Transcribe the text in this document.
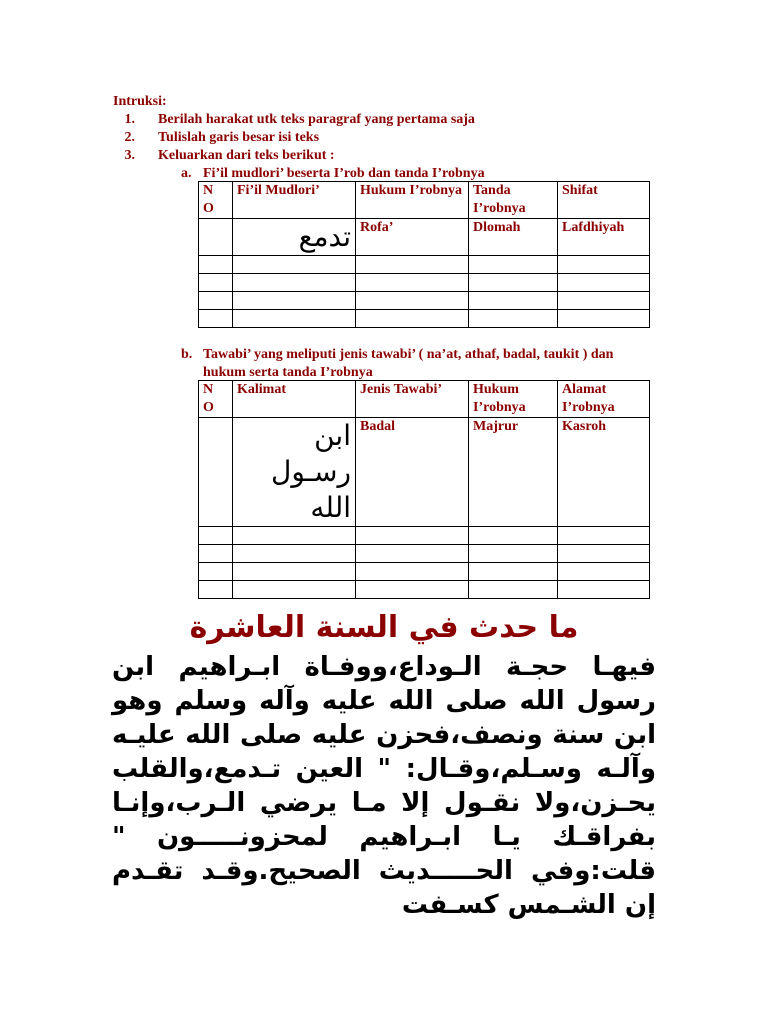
Intruksi:
1. Berilah harakat utk teks paragraf yang pertama saja
2. Tulislah garis besar isi teks
3. Keluarkan dari teks berikut :
a. Fi’il mudlori’ beserta I’rob dan tanda I’robnya
N
O	Fi’il Mudlori’	Hukum I’robnya	Tanda I’robnya	Shifat
	تدمع	Rofa’	Dlomah	Lafdhiyah

b. Tawabi’ yang meliputi jenis tawabi’ ( na’at, athaf, badal, taukit ) dan
hukum serta tanda I’robnya
N
O	Kalimat	Jenis Tawabi’	Hukum I’robnya	Alamat I’robnya

	ابن رسـول الله	Badal	Majrur	Kasroh

ما حدث في السنة العاشرة
فيهـا حجـة الـوداع،ووفـاة ابـراهيم ابن رسول الله صلى الله عليه وآله وسلم وهو ابن سنة ونصف،فحزن عليه صلى الله عليـه وآلـه وسـلم،وقـال: " العين تـدمع،والقلب يحـزن،ولا نقـول إلا مـا يرضي الـرب،وإنـا بفراقـك يـا ابـراهيم لمحزونـــــون " قلت:وفي الحـــــديث الصحيح.وقـد تقـدم إن الشـمس كسـفت
